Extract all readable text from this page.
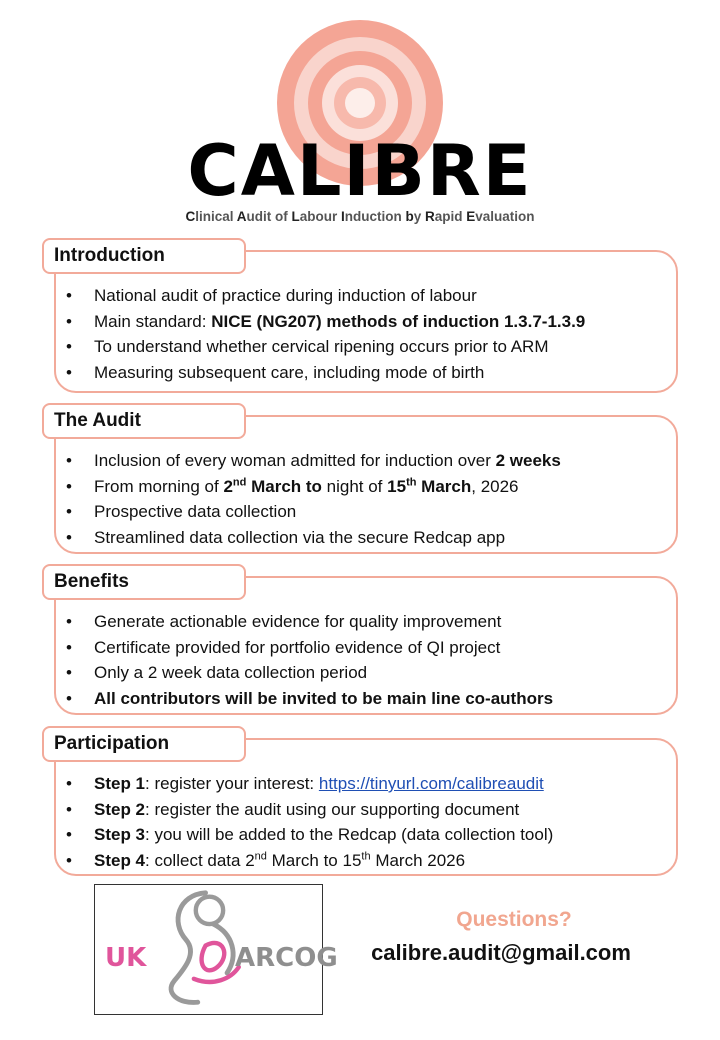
CALIBRE
Clinical Audit of Labour Induction by Rapid Evaluation
• National audit of practice during induction of labour
• Main standard: NICE (NG207) methods of induction 1.3.7-1.3.9
• To understand whether cervical ripening occurs prior to ARM
• Measuring subsequent care, including mode of birth
Introduction
• Inclusion of every woman admitted for induction over 2 weeks
• From morning of 2nd March to night of 15th March, 2026
• Prospective data collection
• Streamlined data collection via the secure Redcap app
The Audit
• Generate actionable evidence for quality improvement
• Certificate provided for portfolio evidence of QI project
• Only a 2 week data collection period
• All contributors will be invited to be main line co-authors
Benefits
• Step 1: register your interest: https://tinyurl.com/calibreaudit
• Step 2: register the audit using our supporting document
• Step 3: you will be added to the Redcap (data collection tool)
• Step 4: collect data 2nd March to 15th March 2026
Participation
UK	ARCOG
Questions?
calibre.audit@gmail.com
